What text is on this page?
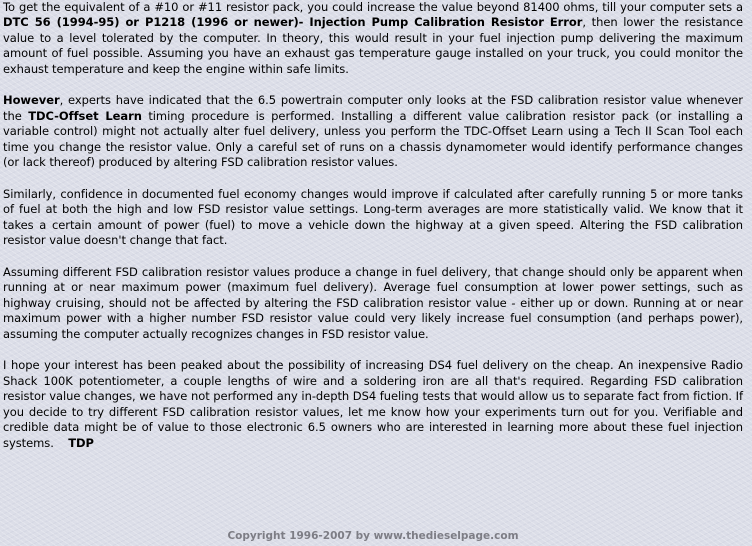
To get the equivalent of a #10 or #11 resistor pack, you could increase the value beyond 81400 ohms, till your computer sets a DTC 56 (1994-95) or P1218 (1996 or newer)- Injection Pump Calibration Resistor Error, then lower the resistance value to a level tolerated by the computer. In theory, this would result in your fuel injection pump delivering the maximum amount of fuel possible. Assuming you have an exhaust gas temperature gauge installed on your truck, you could monitor the exhaust temperature and keep the engine within safe limits.

However, experts have indicated that the 6.5 powertrain computer only looks at the FSD calibration resistor value whenever the TDC-Offset Learn timing procedure is performed. Installing a different value calibration resistor pack (or installing a variable control) might not actually alter fuel delivery, unless you perform the TDC-Offset Learn using a Tech II Scan Tool each time you change the resistor value. Only a careful set of runs on a chassis dynamometer would identify performance changes (or lack thereof) produced by altering FSD calibration resistor values.

Similarly, confidence in documented fuel economy changes would improve if calculated after carefully running 5 or more tanks of fuel at both the high and low FSD resistor value settings. Long-term averages are more statistically valid. We know that it takes a certain amount of power (fuel) to move a vehicle down the highway at a given speed. Altering the FSD calibration resistor value doesn't change that fact.

Assuming different FSD calibration resistor values produce a change in fuel delivery, that change should only be apparent when running at or near maximum power (maximum fuel delivery). Average fuel consumption at lower power settings, such as highway cruising, should not be affected by altering the FSD calibration resistor value - either up or down. Running at or near maximum power with a higher number FSD resistor value could very likely increase fuel consumption (and perhaps power), assuming the computer actually recognizes changes in FSD resistor value.

I hope your interest has been peaked about the possibility of increasing DS4 fuel delivery on the cheap. An inexpensive Radio Shack 100K potentiometer, a couple lengths of wire and a soldering iron are all that's required. Regarding FSD calibration resistor value changes, we have not performed any in-depth DS4 fueling tests that would allow us to separate fact from fiction. If you decide to try different FSD calibration resistor values, let me know how your experiments turn out for you. Verifiable and credible data might be of value to those electronic 6.5 owners who are interested in learning more about these fuel injection systems. TDP

Copyright 1996-2007 by www.thedieselpage.com
